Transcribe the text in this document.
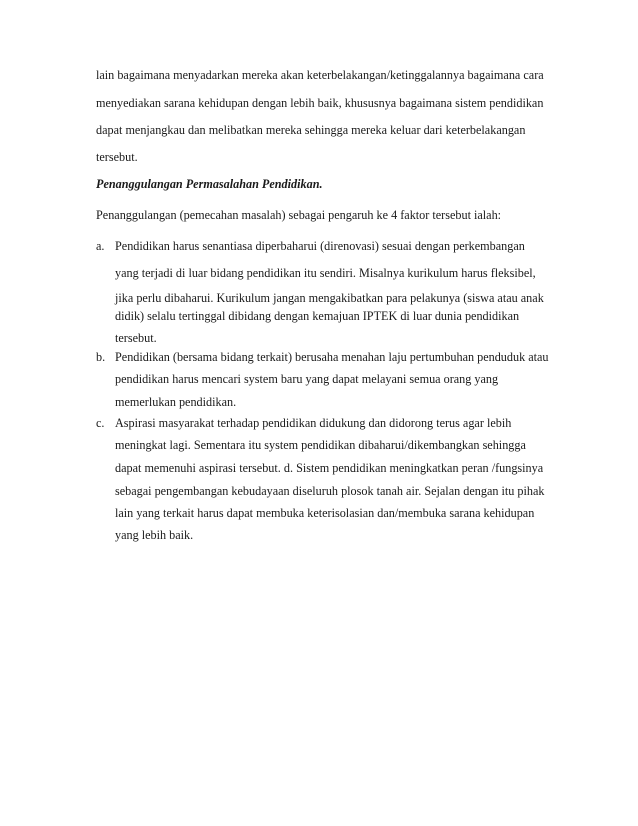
lain bagaimana menyadarkan mereka akan keterbelakangan/ketinggalannya bagaimana cara
menyediakan sarana kehidupan dengan lebih baik, khususnya bagaimana sistem pendidikan
dapat menjangkau dan melibatkan mereka sehingga mereka keluar dari keterbelakangan
tersebut.
Penanggulangan Permasalahan Pendidikan.
Penanggulangan (pemecahan masalah) sebagai pengaruh ke 4 faktor tersebut ialah:
a. Pendidikan harus senantiasa diperbaharui (direnovasi) sesuai dengan perkembangan
yang terjadi di luar bidang pendidikan itu sendiri. Misalnya kurikulum harus fleksibel,
jika perlu dibaharui. Kurikulum jangan mengakibatkan para pelakunya (siswa atau anak
didik) selalu tertinggal dibidang dengan kemajuan IPTEK di luar dunia pendidikan
tersebut.
b. Pendidikan (bersama bidang terkait) berusaha menahan laju pertumbuhan penduduk atau
pendidikan harus mencari system baru yang dapat melayani semua orang yang
memerlukan pendidikan.
c. Aspirasi masyarakat terhadap pendidikan didukung dan didorong terus agar lebih
meningkat lagi. Sementara itu system pendidikan dibaharui/dikembangkan sehingga
dapat memenuhi aspirasi tersebut. d. Sistem pendidikan meningkatkan peran /fungsinya
sebagai pengembangan kebudayaan diseluruh plosok tanah air. Sejalan dengan itu pihak
lain yang terkait harus dapat membuka keterisolasian dan/membuka sarana kehidupan
yang lebih baik.
